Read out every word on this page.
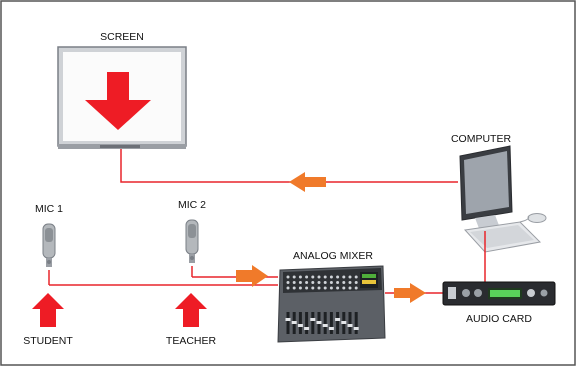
SCREEN
COMPUTER
MIC 1	MIC 2
STUDENT	TEACHER
ANALOG MIXER
AUDIO CARD
